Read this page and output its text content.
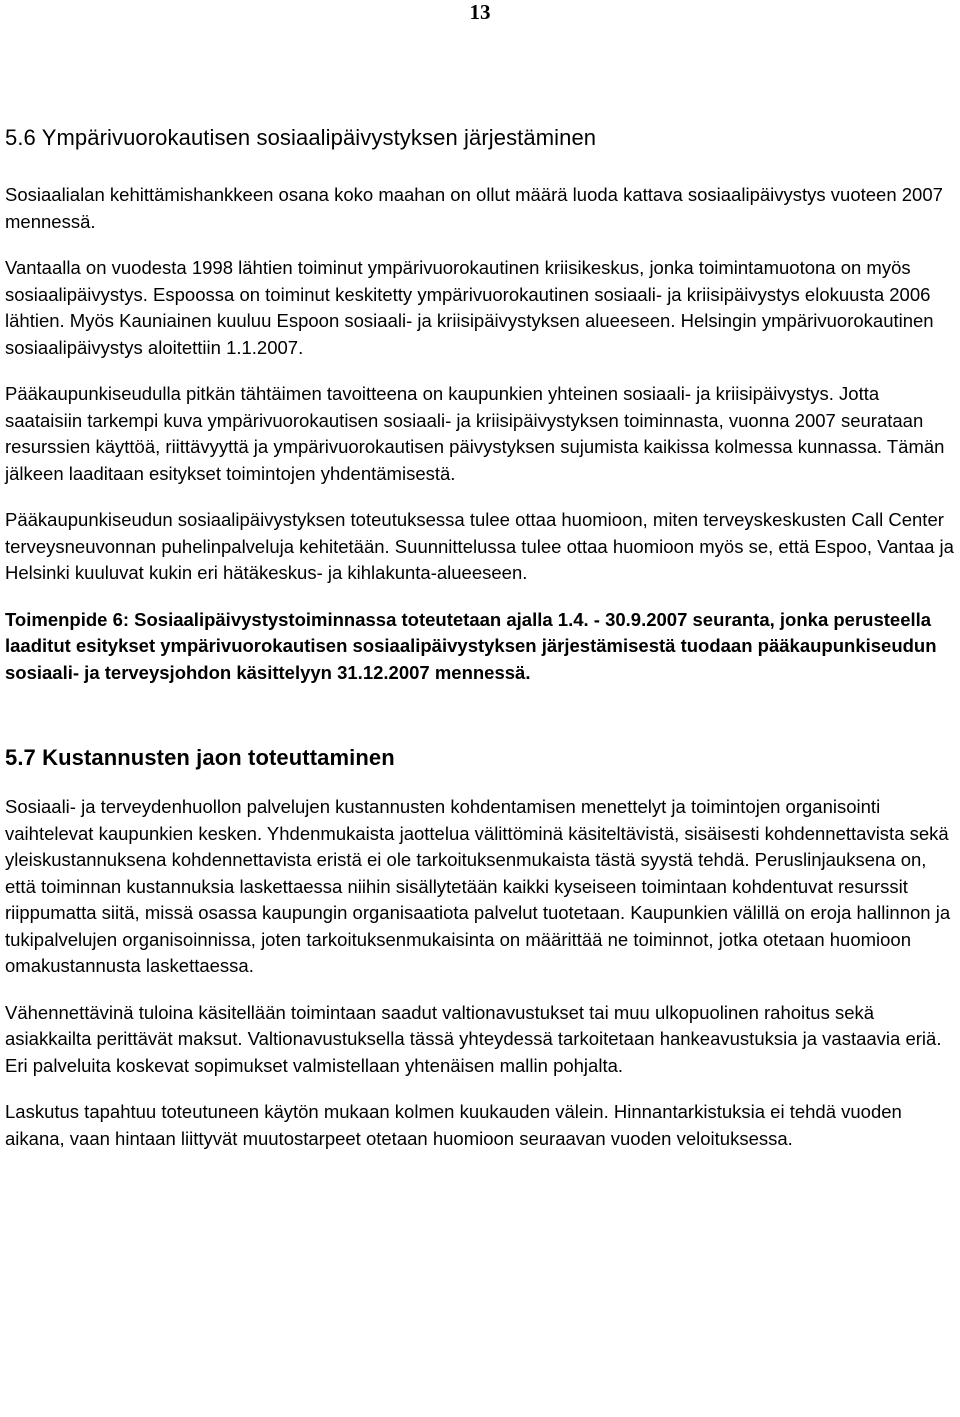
13
5.6 Ympärivuorokautisen sosiaalipäivystyksen järjestäminen

Sosiaalialan kehittämishankkeen osana koko maahan on ollut määrä luoda kattava sosiaalipäivystys vuoteen 2007 mennessä.

Vantaalla on vuodesta 1998 lähtien toiminut ympärivuorokautinen kriisikeskus, jonka toimintamuotona on myös sosiaalipäivystys. Espoossa on toiminut keskitetty ympärivuorokautinen sosiaali- ja kriisipäivystys elokuusta 2006 lähtien. Myös Kauniainen kuuluu Espoon sosiaali- ja kriisipäivystyksen alueeseen. Helsingin ympärivuorokautinen sosiaalipäivystys aloitettiin 1.1.2007.

Pääkaupunkiseudulla pitkän tähtäimen tavoitteena on kaupunkien yhteinen sosiaali- ja kriisipäivystys. Jotta saataisiin tarkempi kuva ympärivuorokautisen sosiaali- ja kriisipäivystyksen toiminnasta, vuonna 2007 seurataan resurssien käyttöä, riittävyyttä ja ympärivuorokautisen päivystyksen sujumista kaikissa kolmessa kunnassa. Tämän jälkeen laaditaan esitykset toimintojen yhdentämisestä.

Pääkaupunkiseudun sosiaalipäivystyksen toteutuksessa tulee ottaa huomioon, miten terveyskeskusten Call Center terveysneuvonnan puhelinpalveluja kehitetään. Suunnittelussa tulee ottaa huomioon myös se, että Espoo, Vantaa ja Helsinki kuuluvat kukin eri hätäkeskus- ja kihlakunta-alueeseen.

Toimenpide 6: Sosiaalipäivystystoiminnassa toteutetaan ajalla 1.4. - 30.9.2007 seuranta, jonka perusteella laaditut esitykset ympärivuorokautisen sosiaalipäivystyksen järjestämisestä tuodaan pääkaupunkiseudun sosiaali- ja terveysjohdon käsittelyyn 31.12.2007 mennessä.

5.7 Kustannusten jaon toteuttaminen

Sosiaali- ja terveydenhuollon palvelujen kustannusten kohdentamisen menettelyt ja toimintojen organisointi vaihtelevat kaupunkien kesken. Yhdenmukaista jaottelua välittöminä käsiteltävistä, sisäisesti kohdennettavista sekä yleiskustannuksena kohdennettavista eristä ei ole tarkoituksenmukaista tästä syystä tehdä. Peruslinjauksena on, että toiminnan kustannuksia laskettaessa niihin sisällytetään kaikki kyseiseen toimintaan kohdentuvat resurssit riippumatta siitä, missä osassa kaupungin organisaatiota palvelut tuotetaan. Kaupunkien välillä on eroja hallinnon ja tukipalvelujen organisoinnissa, joten tarkoituksenmukaisinta on määrittää ne toiminnot, jotka otetaan huomioon omakustannusta laskettaessa.

Vähennettävinä tuloina käsitellään toimintaan saadut valtionavustukset tai muu ulkopuolinen rahoitus sekä asiakkailta perittävät maksut. Valtionavustuksella tässä yhteydessä tarkoitetaan hankeavustuksia ja vastaavia eriä. Eri palveluita koskevat sopimukset valmistellaan yhtenäisen mallin pohjalta.

Laskutus tapahtuu toteutuneen käytön mukaan kolmen kuukauden välein. Hinnantarkistuksia ei tehdä vuoden aikana, vaan hintaan liittyvät muutostarpeet otetaan huomioon seuraavan vuoden veloituksessa.
